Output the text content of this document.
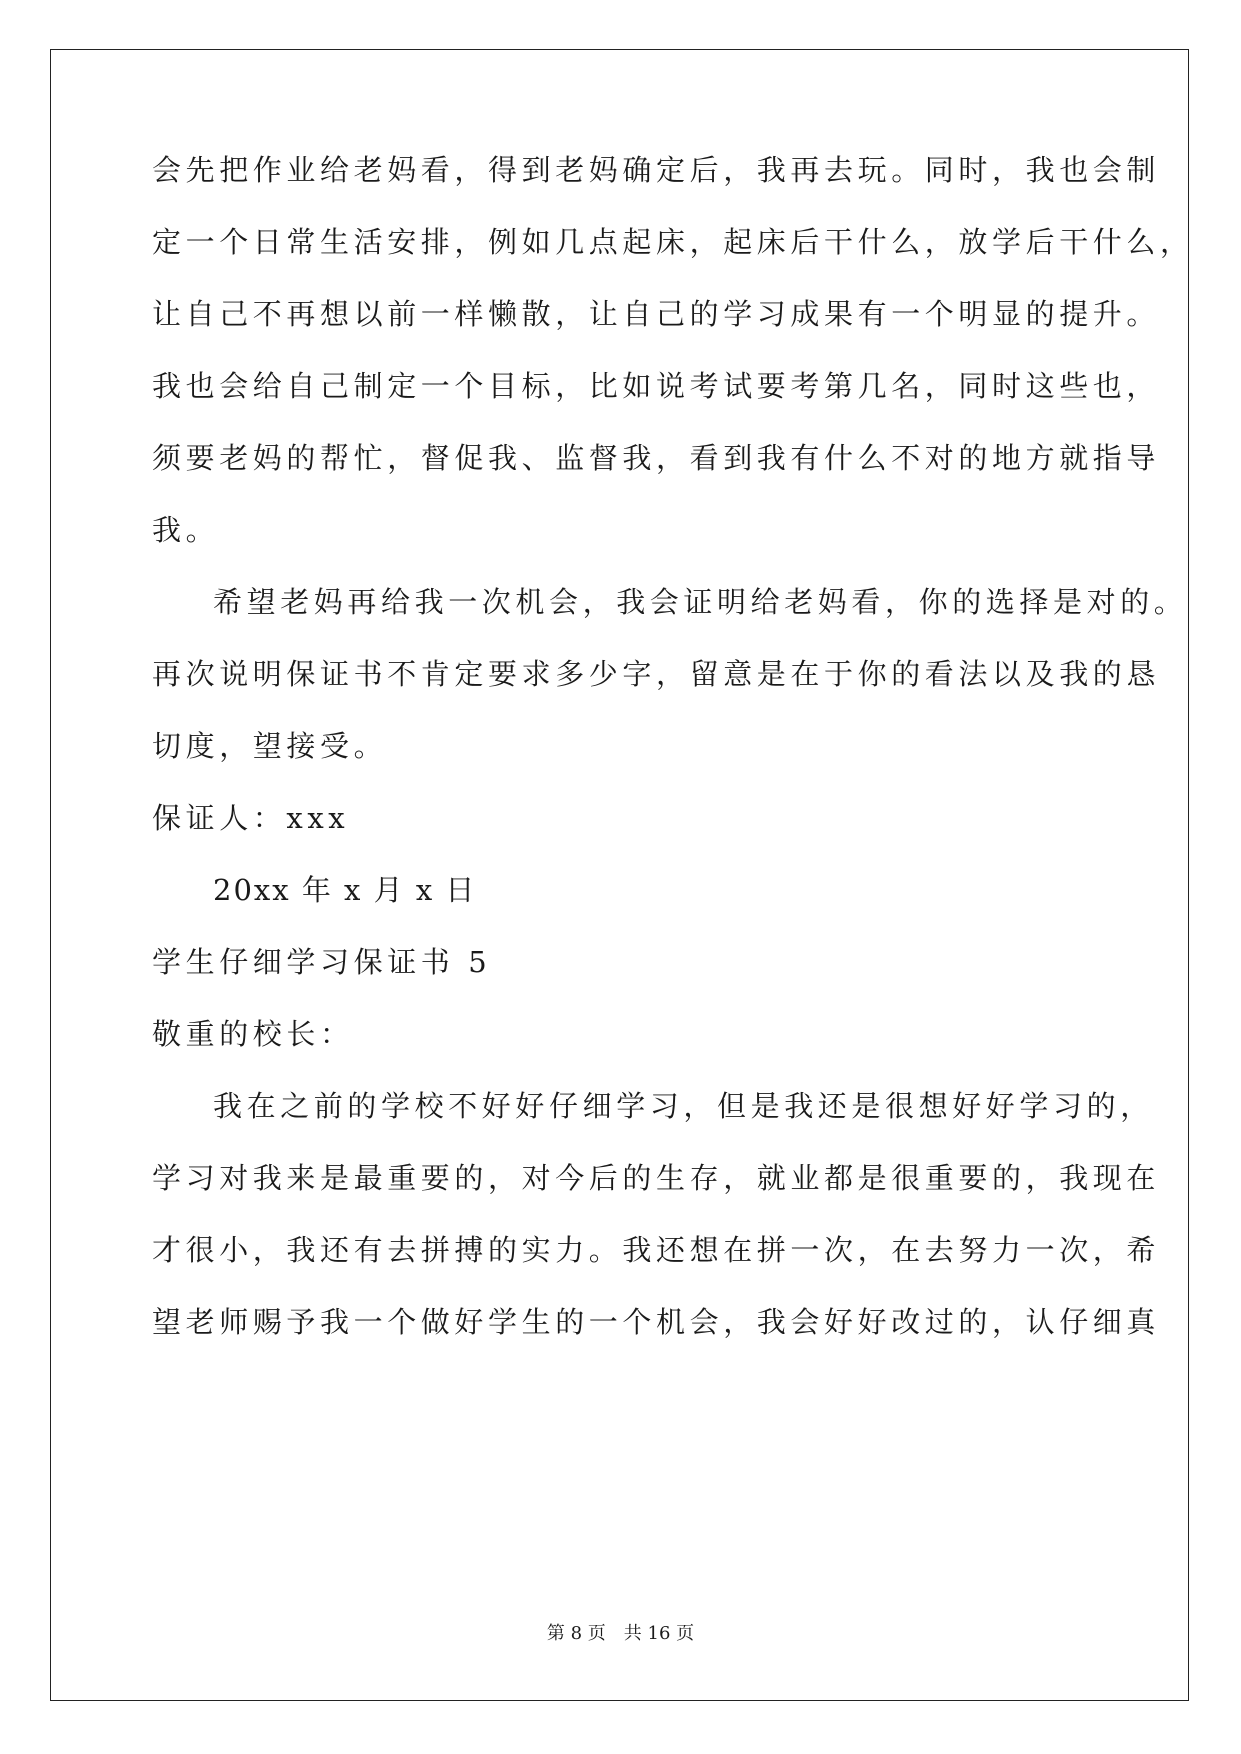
会先把作业给老妈看，得到老妈确定后，我再去玩。同时，我也会制
定一个日常生活安排，例如几点起床，起床后干什么，放学后干什么，
让自己不再想以前一样懒散，让自己的学习成果有一个明显的提升。
我也会给自己制定一个目标，比如说考试要考第几名，同时这些也，
须要老妈的帮忙，督促我、监督我，看到我有什么不对的地方就指导
我。
希望老妈再给我一次机会，我会证明给老妈看，你的选择是对的。
再次说明保证书不肯定要求多少字，留意是在于你的看法以及我的恳
切度，望接受。
保证人：xxx
20xx 年 x 月 x 日
学生仔细学习保证书 5
敬重的校长：
我在之前的学校不好好仔细学习，但是我还是很想好好学习的，
学习对我来是最重要的，对今后的生存，就业都是很重要的，我现在
才很小，我还有去拼搏的实力。我还想在拼一次，在去努力一次，希
望老师赐予我一个做好学生的一个机会，我会好好改过的，认仔细真
第 8 页 共 16 页
